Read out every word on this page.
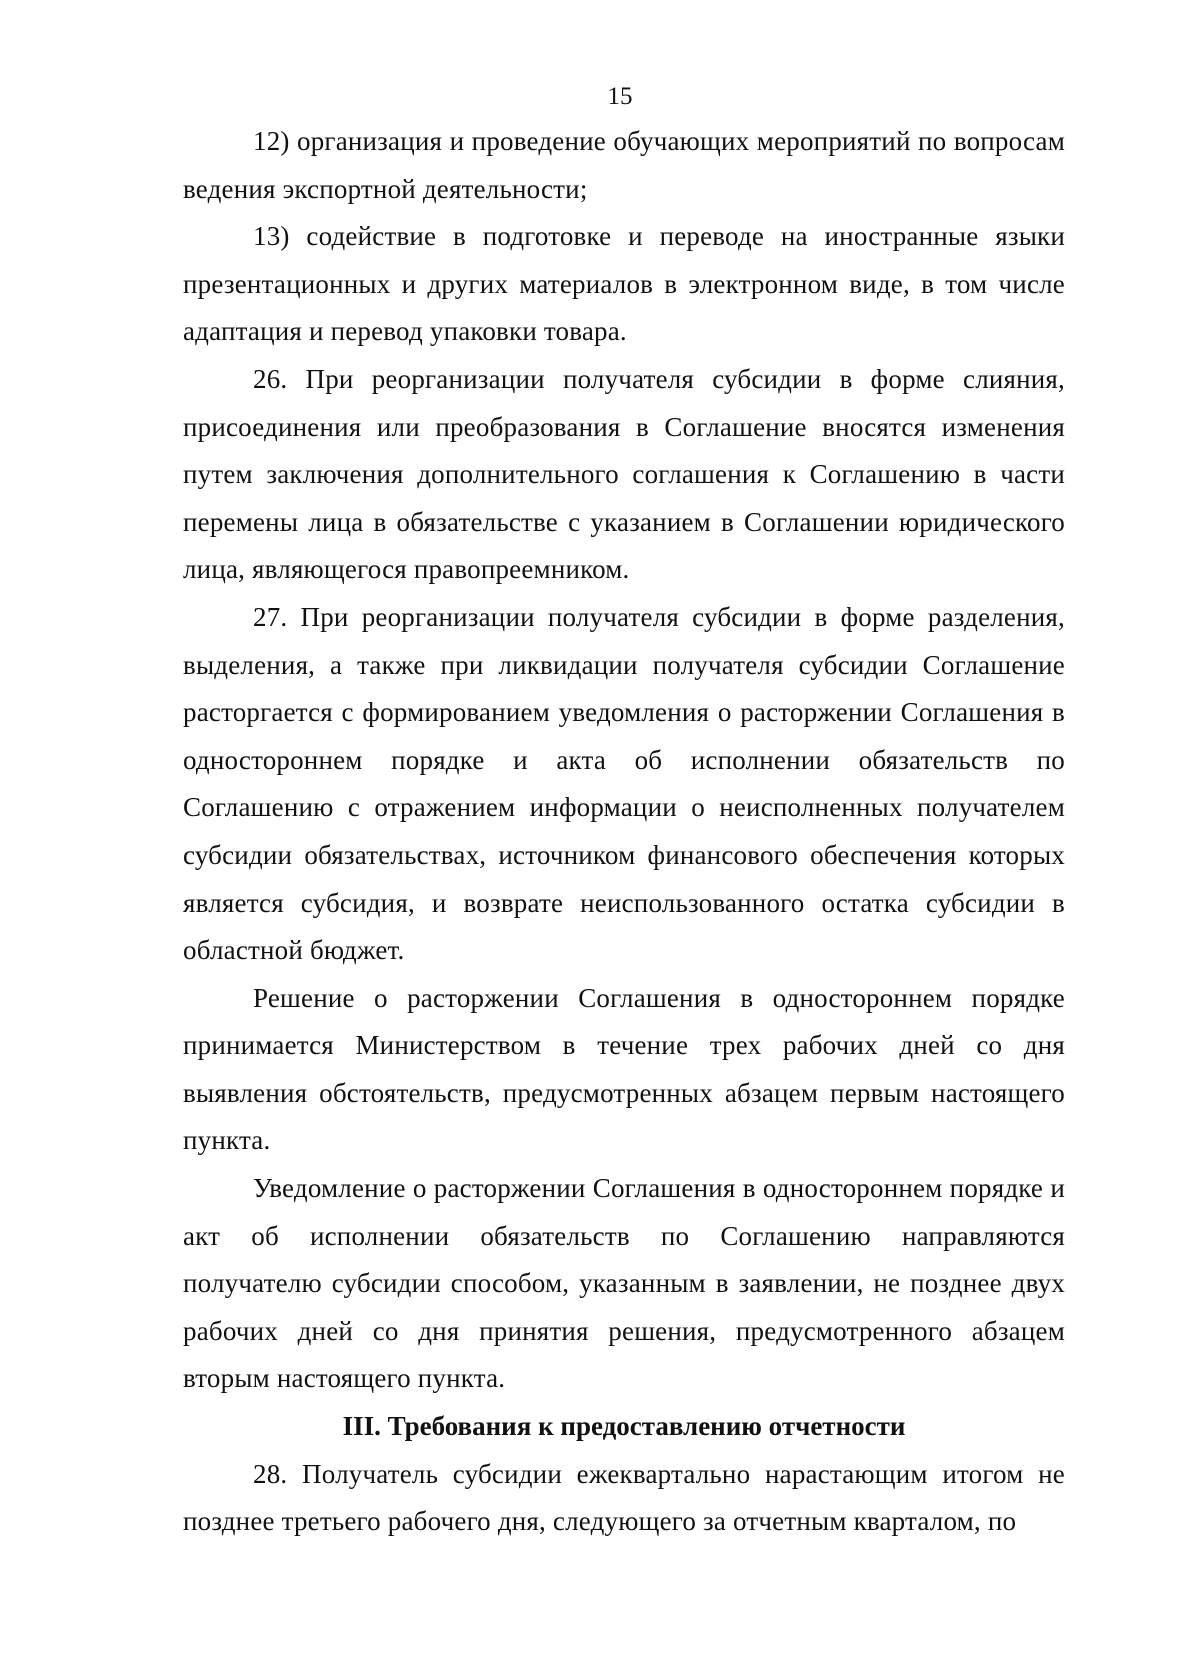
15

12) организация и проведение обучающих мероприятий по вопросам ведения экспортной деятельности;

13) содействие в подготовке и переводе на иностранные языки презентационных и других материалов в электронном виде, в том числе адаптация и перевод упаковки товара.

26. При реорганизации получателя субсидии в форме слияния, присоединения или преобразования в Соглашение вносятся изменения путем заключения дополнительного соглашения к Соглашению в части перемены лица в обязательстве с указанием в Соглашении юридического лица, являющегося правопреемником.

27. При реорганизации получателя субсидии в форме разделения, выделения, а также при ликвидации получателя субсидии Соглашение расторгается с формированием уведомления о расторжении Соглашения в одностороннем порядке и акта об исполнении обязательств по Соглашению с отражением информации о неисполненных получателем субсидии обязательствах, источником финансового обеспечения которых является субсидия, и возврате неиспользованного остатка субсидии в областной бюджет.

Решение о расторжении Соглашения в одностороннем порядке принимается Министерством в течение трех рабочих дней со дня выявления обстоятельств, предусмотренных абзацем первым настоящего пункта.

Уведомление о расторжении Соглашения в одностороннем порядке и акт об исполнении обязательств по Соглашению направляются получателю субсидии способом, указанным в заявлении, не позднее двух рабочих дней со дня принятия решения, предусмотренного абзацем вторым настоящего пункта.

III. Требования к предоставлению отчетности

28. Получатель субсидии ежеквартально нарастающим итогом не позднее третьего рабочего дня, следующего за отчетным кварталом, по
